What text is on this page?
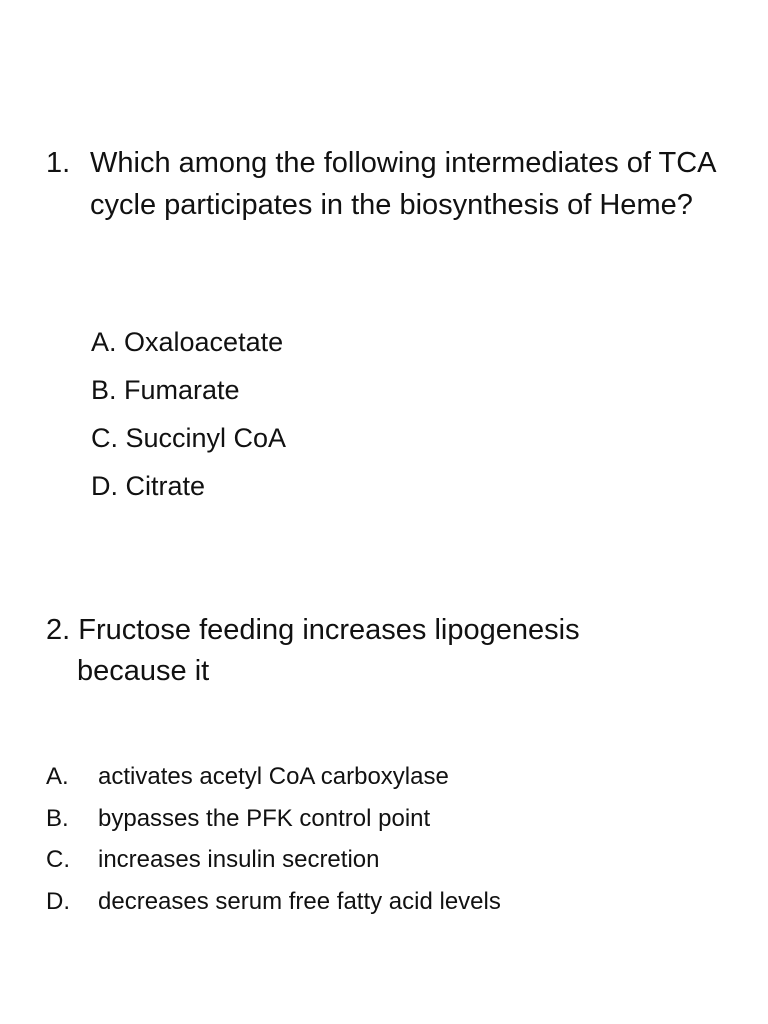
1. Which among the following intermediates of TCA cycle participates in the biosynthesis of Heme?
A. Oxaloacetate
B. Fumarate
C. Succinyl CoA
D. Citrate
2. Fructose feeding increases lipogenesis
because it
A.	activates acetyl CoA carboxylase
B.	bypasses the PFK control point
C.	increases insulin secretion
D.	decreases serum free fatty acid levels
